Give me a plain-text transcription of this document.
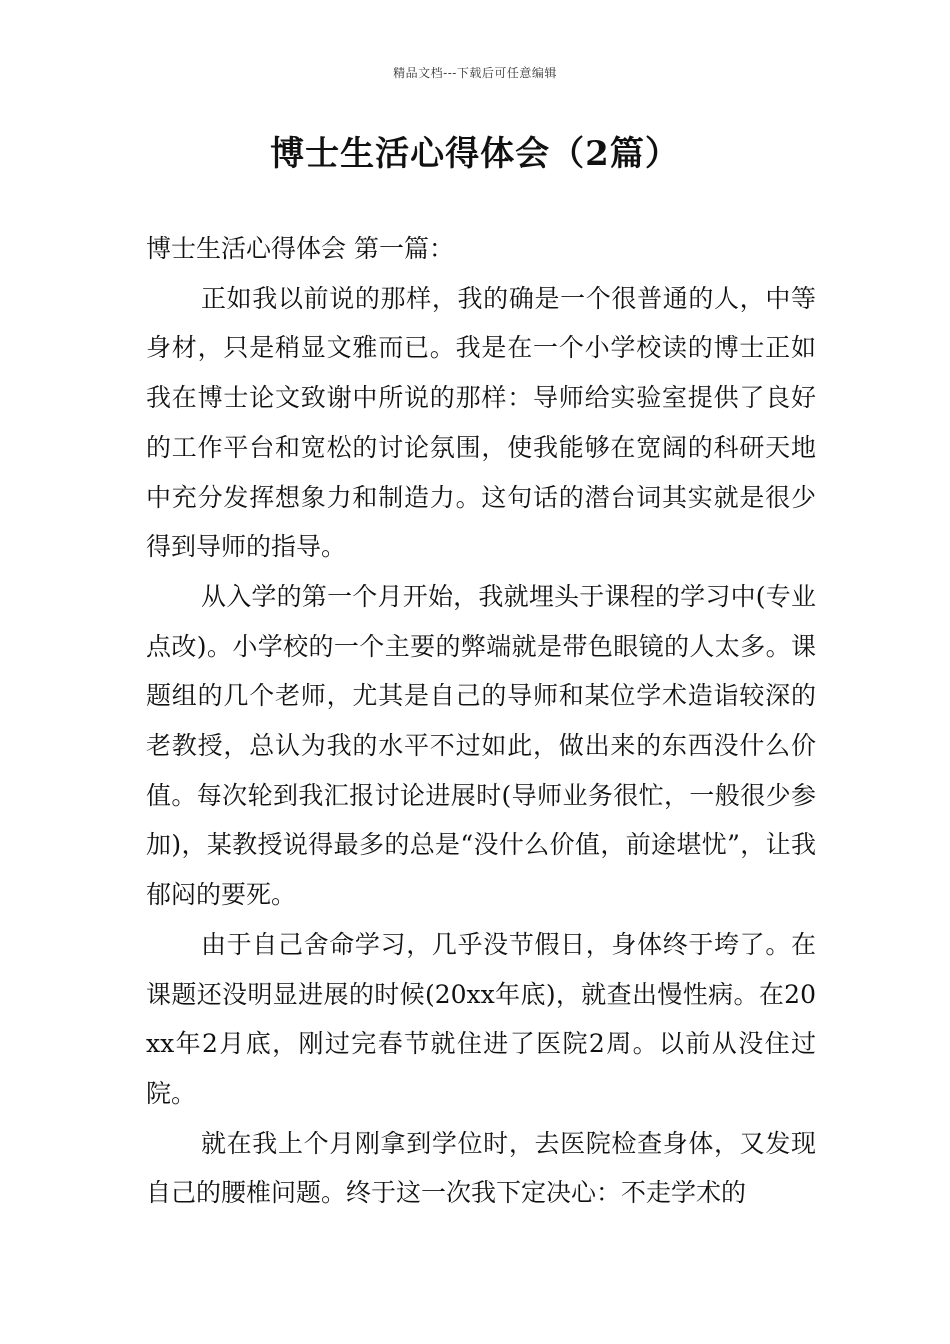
精品文档---下载后可任意编辑
博士生活心得体会（2篇）

博士生活心得体会 第一篇：

正如我以前说的那样，我的确是一个很普通的人，中等身材，只是稍显文雅而已。我是在一个小学校读的博士正如我在博士论文致谢中所说的那样：导师给实验室提供了良好的工作平台和宽松的讨论氛围，使我能够在宽阔的科研天地中充分发挥想象力和制造力。这句话的潜台词其实就是很少得到导师的指导。

从入学的第一个月开始，我就埋头于课程的学习中(专业点改)。小学校的一个主要的弊端就是带色眼镜的人太多。课题组的几个老师，尤其是自己的导师和某位学术造诣较深的老教授，总认为我的水平不过如此，做出来的东西没什么价值。每次轮到我汇报讨论进展时(导师业务很忙，一般很少参加)，某教授说得最多的总是“没什么价值，前途堪忧”，让我郁闷的要死。

由于自己舍命学习，几乎没节假日，身体终于垮了。在课题还没明显进展的时候(20xx年底)，就查出慢性病。在20xx年2月底，刚过完春节就住进了医院2周。以前从没住过院。

就在我上个月刚拿到学位时，去医院检查身体，又发现自己的腰椎问题。终于这一次我下定决心：不走学术的
